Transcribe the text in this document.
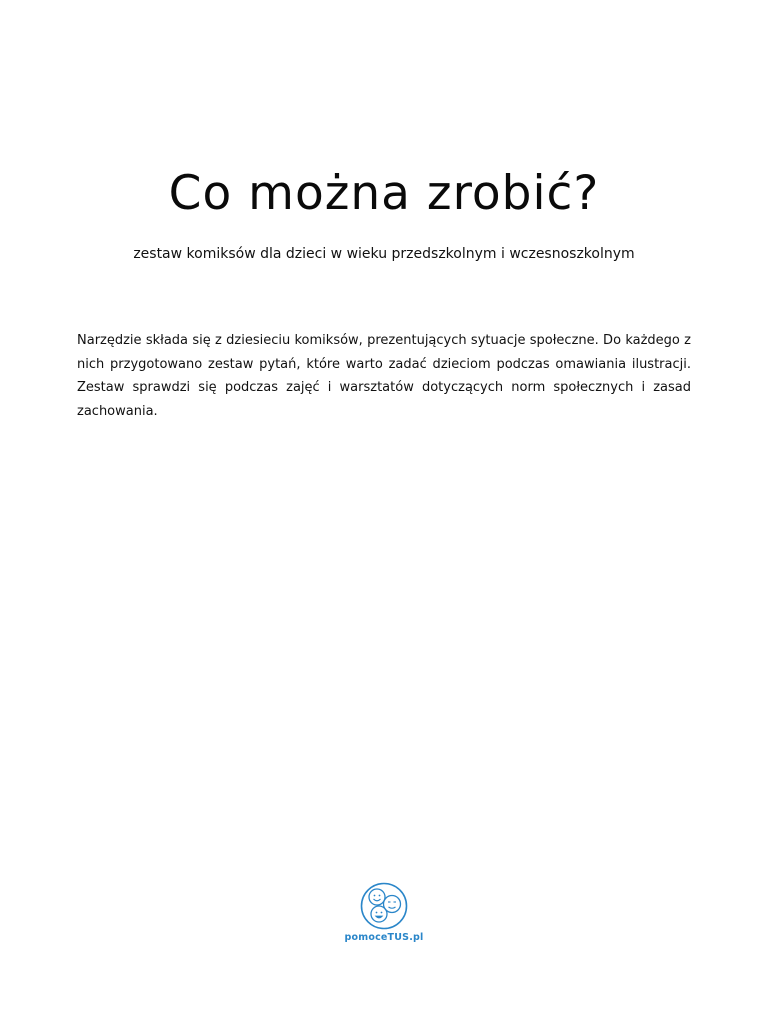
Co można zrobić?

zestaw komiksów dla dzieci w wieku przedszkolnym i wczesnoszkolnym

Narzędzie składa się z dziesieciu komiksów, prezentujących sytuacje społeczne. Do każdego z nich przygotowano zestaw pytań, które warto zadać dzieciom podczas omawiania ilustracji. Zestaw sprawdzi się podczas zajęć i warsztatów dotyczących norm społecznych i zasad zachowania.

pomoceTUS.pl
